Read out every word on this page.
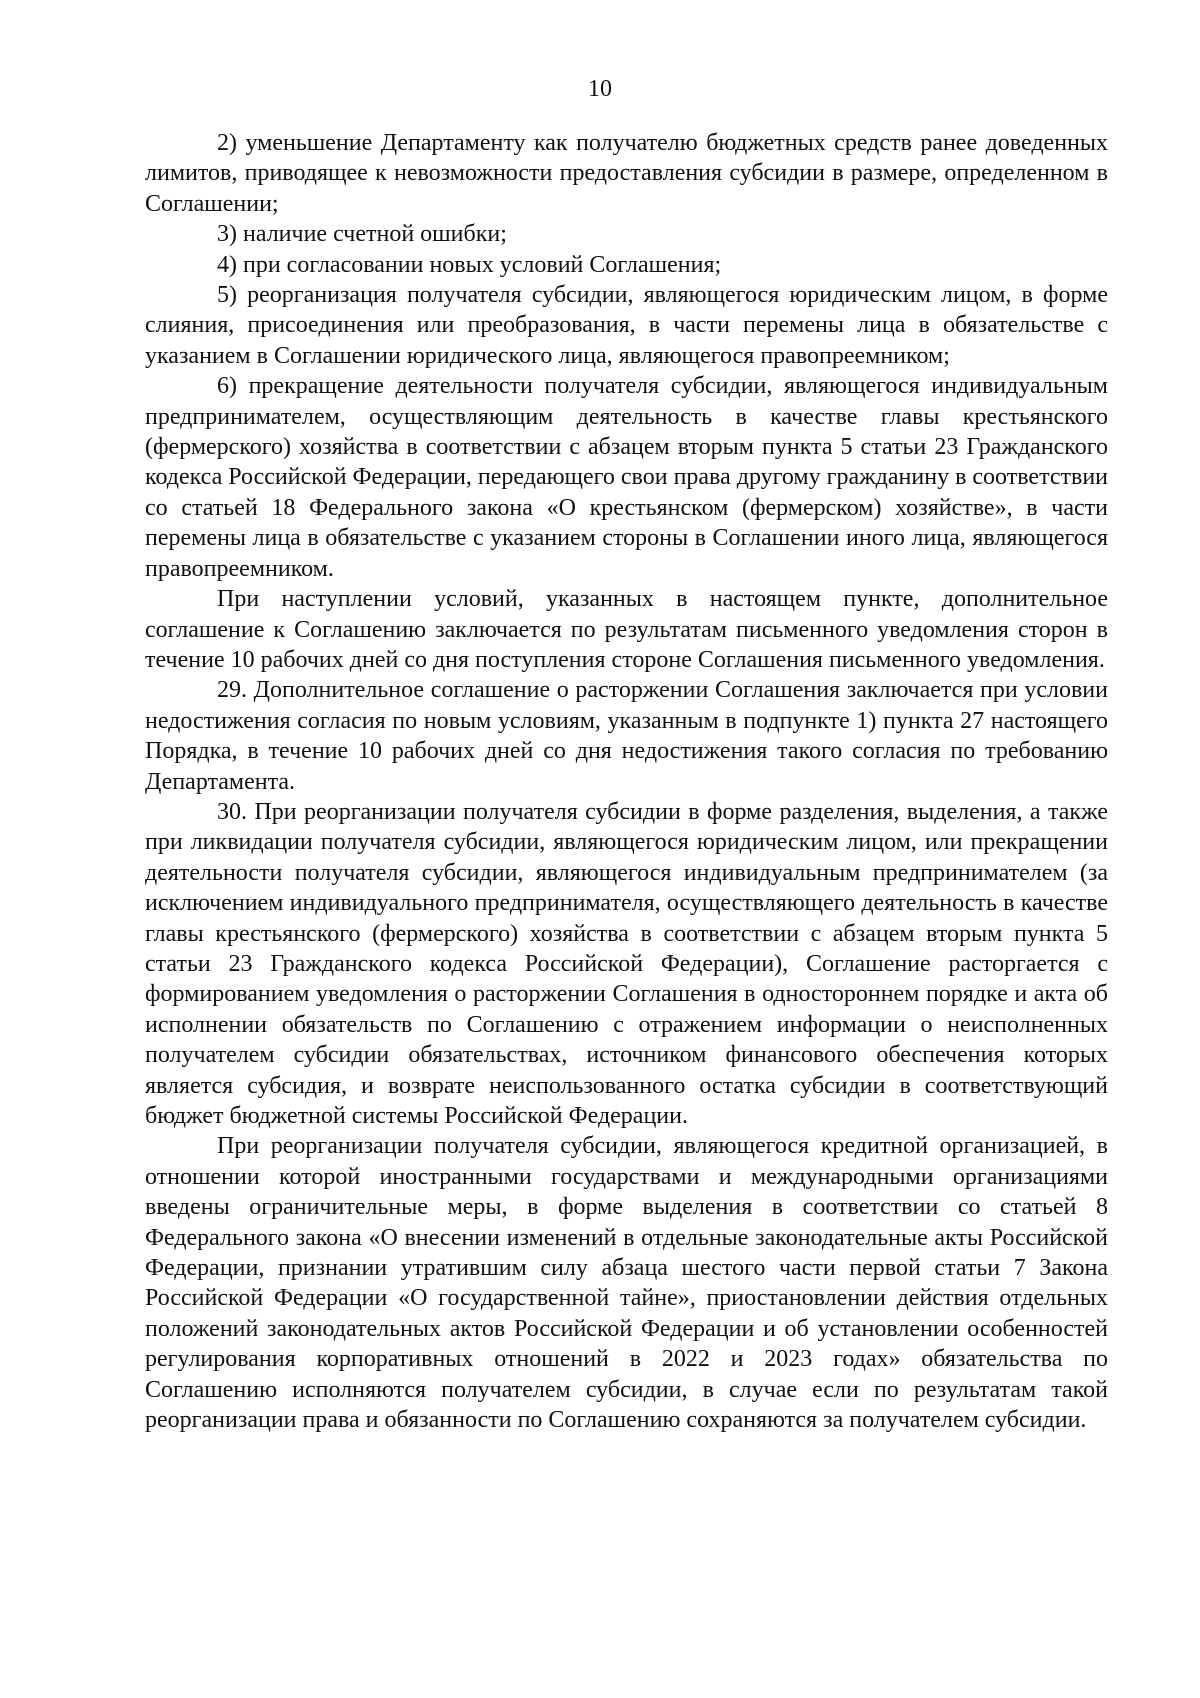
10

2) уменьшение Департаменту как получателю бюджетных средств ранее доведенных лимитов, приводящее к невозможности предоставления субсидии в размере, определенном в Соглашении;

3) наличие счетной ошибки;

4) при согласовании новых условий Соглашения;

5) реорганизация получателя субсидии, являющегося юридическим лицом, в форме слияния, присоединения или преобразования, в части перемены лица в обязательстве с указанием в Соглашении юридического лица, являющегося правопреемником;

6) прекращение деятельности получателя субсидии, являющегося индивидуальным предпринимателем, осуществляющим деятельность в качестве главы крестьянского (фермерского) хозяйства в соответствии с абзацем вторым пункта 5 статьи 23 Гражданского кодекса Российской Федерации, передающего свои права другому гражданину в соответствии со статьей 18 Федерального закона «О крестьянском (фермерском) хозяйстве», в части перемены лица в обязательстве с указанием стороны в Соглашении иного лица, являющегося правопреемником.

При наступлении условий, указанных в настоящем пункте, дополнительное соглашение к Соглашению заключается по результатам письменного уведомления сторон в течение 10 рабочих дней со дня поступления стороне Соглашения письменного уведомления.

29. Дополнительное соглашение о расторжении Соглашения заключается при условии недостижения согласия по новым условиям, указанным в подпункте 1) пункта 27 настоящего Порядка, в течение 10 рабочих дней со дня недостижения такого согласия по требованию Департамента.

30. При реорганизации получателя субсидии в форме разделения, выделения, а также при ликвидации получателя субсидии, являющегося юридическим лицом, или прекращении деятельности получателя субсидии, являющегося индивидуальным предпринимателем (за исключением индивидуального предпринимателя, осуществляющего деятельность в качестве главы крестьянского (фермерского) хозяйства в соответствии с абзацем вторым пункта 5 статьи 23 Гражданского кодекса Российской Федерации), Соглашение расторгается с формированием уведомления о расторжении Соглашения в одностороннем порядке и акта об исполнении обязательств по Соглашению с отражением информации о неисполненных получателем субсидии обязательствах, источником финансового обеспечения которых является субсидия, и возврате неиспользованного остатка субсидии в соответствующий бюджет бюджетной системы Российской Федерации.

При реорганизации получателя субсидии, являющегося кредитной организацией, в отношении которой иностранными государствами и международными организациями введены ограничительные меры, в форме выделения в соответствии со статьей 8 Федерального закона «О внесении изменений в отдельные законодательные акты Российской Федерации, признании утратившим силу абзаца шестого части первой статьи 7 Закона Российской Федерации «О государственной тайне», приостановлении действия отдельных положений законодательных актов Российской Федерации и об установлении особенностей регулирования корпоративных отношений в 2022 и 2023 годах» обязательства по Соглашению исполняются получателем субсидии, в случае если по результатам такой реорганизации права и обязанности по Соглашению сохраняются за получателем субсидии.
